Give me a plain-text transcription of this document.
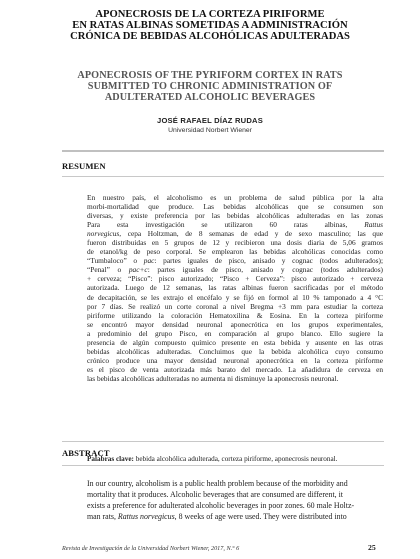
APONECROSIS DE LA CORTEZA PIRIFORME
EN RATAS ALBINAS SOMETIDAS A ADMINISTRACIÓN
CRÓNICA DE BEBIDAS ALCOHÓLICAS ADULTERADAS
APONECROSIS OF THE PYRIFORM CORTEX IN RATS
SUBMITTED TO CHRONIC ADMINISTRATION OF
ADULTERATED ALCOHOLIC BEVERAGES
JOSÉ RAFAEL DÍAZ RUDAS
Universidad Norbert Wiener
RESUMEN
En nuestro país, el alcoholismo es un problema de salud pública por la alta
morbi-mortalidad que produce. Las bebidas alcohólicas que se consumen son
diversas, y existe preferencia por las bebidas alcohólicas adulteradas en las zonas
Para esta investigación se utilizaron 60 ratas albinas, Rattus
norvegicus, cepa Holtzman, de 8 semanas de edad y de sexo masculino; las que
fueron distribuidas en 5 grupos de 12 y recibieron una dosis diaria de 5,06 gramos
de etanol/kg de peso corporal. Se emplearon las bebidas alcohólicas conocidas como
“Tumbaloco” o pac: partes iguales de pisco, anisado y cognac (todos adulterados);
“Penal” o pac+c: partes iguales de pisco, anisado y cognac (todos adulterados)
+ cerveza; “Pisco”: pisco autorizado; “Pisco + Cerveza”: pisco autorizado + cerveza
autorizada. Luego de 12 semanas, las ratas albinas fueron sacrificadas por el método
de decapitación, se les extrajo el encéfalo y se fijó en formol al 10 % tamponado a 4 °C
por 7 días. Se realizó un corte coronal a nivel Bregma +3 mm para estudiar la corteza
piriforme utilizando la coloración Hematoxilina & Eosina. En la corteza piriforme
se encontró mayor densidad neuronal aponecrótica en los grupos experimentales,
a predominio del grupo Pisco, en comparación al grupo blanco. Ello sugiere la
presencia de algún compuesto químico presente en esta bebida y ausente en las otras
bebidas alcohólicas adulteradas. Concluimos que la bebida alcohólica cuyo consumo
crónico produce una mayor densidad neuronal aponecrótica en la corteza piriforme
es el pisco de venta autorizada más barato del mercado. La añadidura de cerveza en
las bebidas alcohólicas adulteradas no aumenta ni disminuye la aponecrosis neuronal.
Palabras clave: bebida alcohólica adulterada, corteza piriforme, aponecrosis neuronal.
ABSTRACT
In our country, alcoholism is a public health problem because of the morbidity and
mortality that it produces. Alcoholic beverages that are consumed are different, it
exists a preference for adulterated alcoholic beverages in poor zones. 60 male Holtz-
man rats, Rattus norvegicus, 8 weeks of age were used. They were distributed into
Revista de Investigación de la Universidad Norbert Wiener, 2017, N.° 6	25
